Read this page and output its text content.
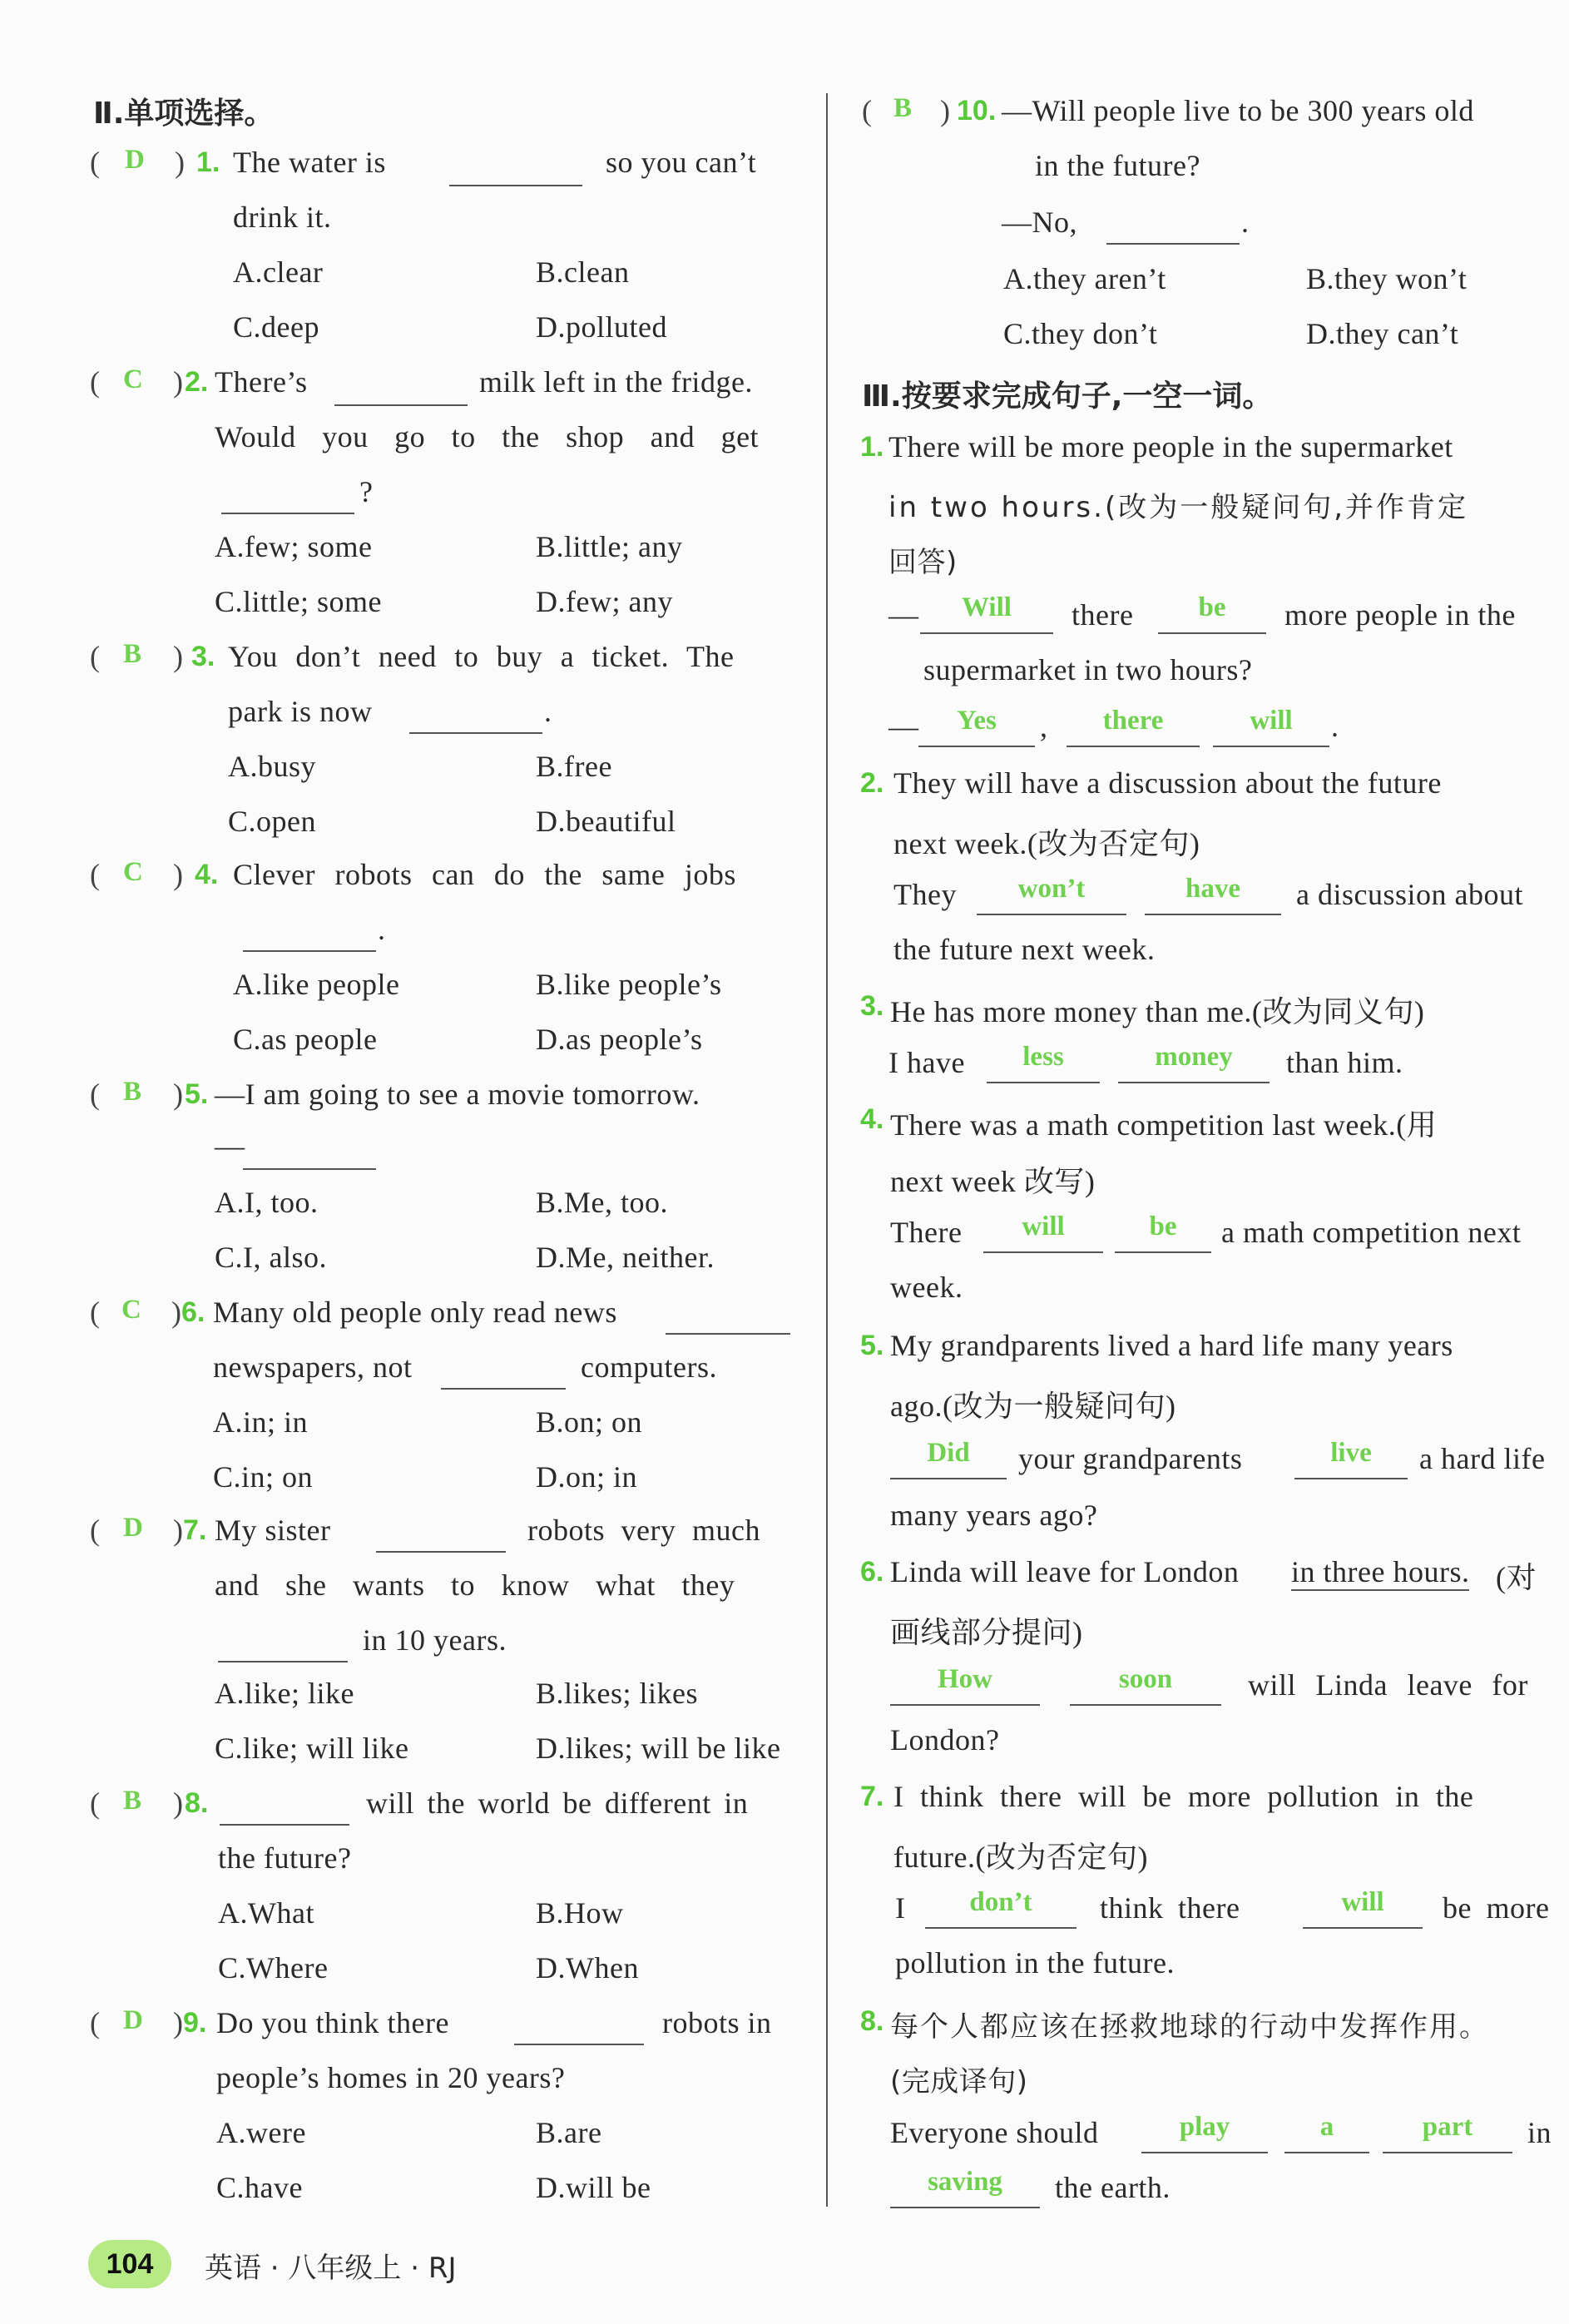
Ⅱ.单项选择。
( D ) 1. The water is	so you can’t
drink it.
A.clear	B.clean
C.deep	D.polluted
( C ) 2. There’s	milk left in the fridge.
Would you go to the shop and get
?
A.few; some	B.little; any
C.little; some	D.few; any
( B ) 3. You don’t need to buy a ticket. The
park is now	.
A.busy	B.free
C.open	D.beautiful
( C ) 4. Clever robots can do the same jobs
.
A.like people	B.like people’s
C.as people	D.as people’s
( B ) 5. —I am going to see a movie tomorrow.
—
A.I, too.	B.Me, too.
C.I, also.	D.Me, neither.
( C ) 6. Many old people only read news
newspapers, not	computers.
A.in; in	B.on; on
C.in; on	D.on; in
( D ) 7. My sister	robots very much
and she wants to know what they
in 10 years.
A.like; like	B.likes; likes
C.like; will like	D.likes; will be like
( B ) 8.	will the world be different in
the future?
A.What	B.How
C.Where	D.When
( D ) 9. Do you think there	robots in
people’s homes in 20 years?
A.were	B.are
C.have	D.will be
( B ) 10. —Will people live to be 300 years old
in the future?
—No,	.
A.they aren’t	B.they won’t
C.they don’t	D.they can’t
Ⅲ.按要求完成句子,一空一词。
1. There will be more people in the supermarket
in two hours.(改为一般疑问句,并作肯定
回答)
—	Will	there	be	more people in the
supermarket in two hours?
—	Yes	,	there	will	.
2. They will have a discussion about the future
next week.(改为否定句)
They	won’t	have	a discussion about
the future next week.
3. He has more money than me.(改为同义句)
I have	less	money	than him.
4. There was a math competition last week.(用
next week 改写)
There	will	be	a math competition next
week.
5. My grandparents lived a hard life many years
ago.(改为一般疑问句)
Did	your grandparents	live	a hard life
many years ago?
6. Linda will leave for London in three hours. (对
画线部分提问)
How	soon	will Linda leave for
London?
7. I think there will be more pollution in the
future.(改为否定句)
I	don’t	think there	will	be more
pollution in the future.
8. 每个人都应该在拯救地球的行动中发挥作用。
(完成译句)
Everyone should	play	a	part	in
saving	the earth.
104	英语 · 八年级上 · RJ
